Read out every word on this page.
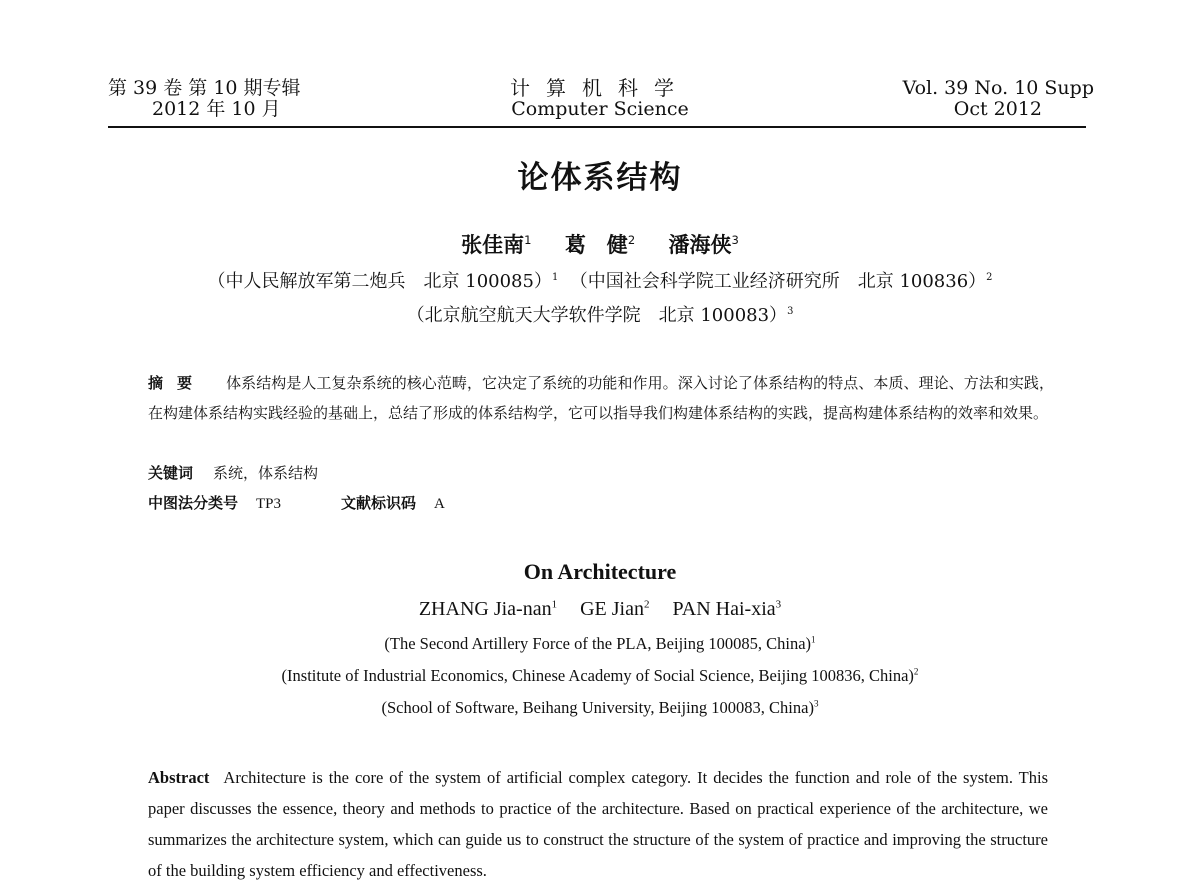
第 39 卷 第 10 期专辑
2012 年 10 月
计算机科学
Computer Science
Vol. 39 No. 10 Supp
Oct 2012
论体系结构
张佳南$^1$ 葛　健$^2$ 潘海侠$^3$
（中人民解放军第二炮兵　北京 100085）$^1$ （中国社会科学院工业经济研究所　北京 100836）$^2$
（北京航空航天大学软件学院　北京 100083）$^3$
摘要 体系结构是人工复杂系统的核心范畴，它决定了系统的功能和作用。深入讨论了体系结构的特点、本质、理论、方法和实践，在构建体系结构实践经验的基础上，总结了形成的体系结构学，它可以指导我们构建体系结构的实践，提高构建体系结构的效率和效果。
关键词 系统，体系结构
中图法分类号 TP3	文献标识码 A
On Architecture
ZHANG Jia-nan$^1$ GE Jian$^2$ PAN Hai-xia$^3$
(The Second Artillery Force of the PLA, Beijing 100085, China)$^1$
(Institute of Industrial Economics, Chinese Academy of Social Science, Beijing 100836, China)$^2$
(School of Software, Beihang University, Beijing 100083, China)$^3$
Abstract Architecture is the core of the system of artificial complex category. It decides the function and role of the system. This paper discusses the essence, theory and methods to practice of the architecture. Based on practical experience of the architecture, we summarizes the architecture system, which can guide us to construct the structure of the system of practice and improving the structure of the building system efficiency and effectiveness.
